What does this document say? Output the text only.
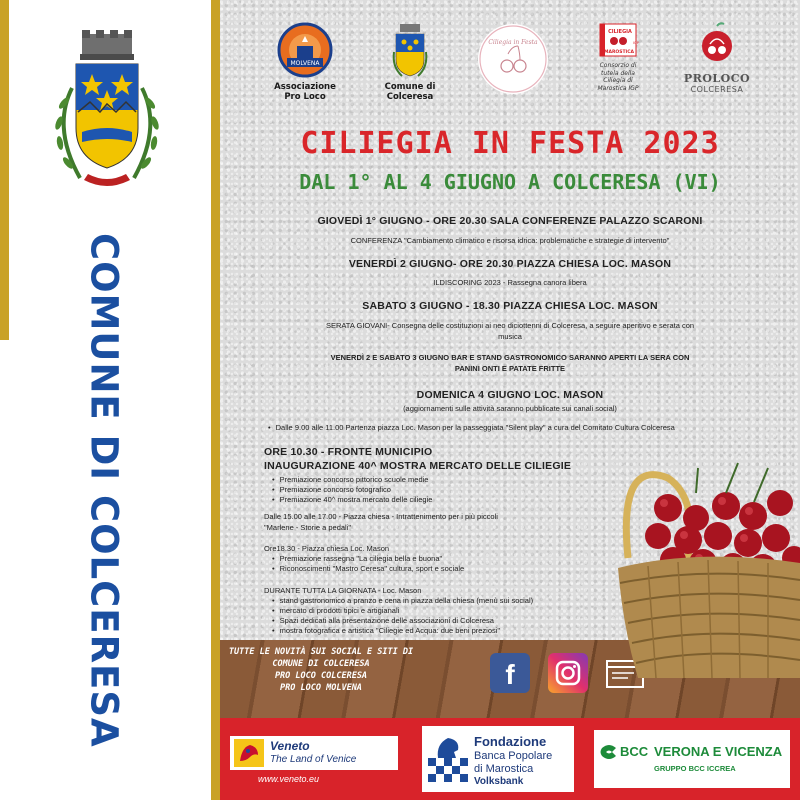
COMUNE DI COLCERESA
MOLVENA
Associazione
Pro Loco
Comune di
Colceresa
Ciliegia in Festa
CILIEGIA
MAROSTICA
IGP
Consorzio di
tutela della
Ciliegia di
Marostica IGP
PROLOCO
COLCERESA
CILIEGIA IN FESTA 2023
DAL 1° AL 4 GIUGNO A COLCERESA (VI)
GIOVEDÌ 1° GIUGNO - ORE 20.30 SALA CONFERENZE PALAZZO SCARONI
CONFERENZA "Cambiamento climatico e risorsa idrica: problematiche e strategie di intervento"
VENERDÌ 2 GIUGNO- ORE 20.30 PIAZZA CHIESA LOC. MASON
ILDISCORING 2023 - Rassegna canora libera
SABATO 3 GIUGNO - 18.30 PIAZZA CHIESA LOC. MASON
SERATA GIOVANI- Consegna delle costituzioni ai neo diciottenni di Colceresa, a seguire aperitivo e serata con
musica
VENERDÌ 2 E SABATO 3 GIUGNO BAR E STAND GASTRONOMICO SARANNO APERTI LA SERA CON
PANINI ONTI E PATATE FRITTE
DOMENICA 4 GIUGNO LOC. MASON
(aggiornamenti sulle attività saranno pubblicate sui canali social)
• Dalle 9.00 alle 11.00 Partenza piazza Loc. Mason per la passeggiata "Silent play" a cura del Comitato Cultura Colceresa
ORE 10.30 - FRONTE MUNICIPIO
INAUGURAZIONE 40^ MOSTRA MERCATO DELLE CILIEGIE
• Premiazione concorso pittorico scuole medie
• Premiazione concorso fotografico
• Premiazione 40^ mostra mercato delle ciliegie
Dalle 15.00 alle 17.00 - Piazza chiesa - Intrattenimento per i più piccoli
"Marlene - Storie a pedali"
Ore18.30 - Piazza chiesa Loc. Mason
• Premiazione rassegna "La ciliegia bella e buona"
• Riconoscimenti "Mastro Ceresa" cultura, sport e sociale
DURANTE TUTTA LA GIORNATA - Loc. Mason
• stand gastronomico a pranzo e cena in piazza della chiesa (menù sui social)
• mercato di prodotti tipici e artigianali
• Spazi dedicati alla presentazione delle associazioni di Colceresa
• mostra fotografica e artistica "Ciliegie ed Acqua: due beni preziosi"
TUTTE LE NOVITÀ SUI SOCIAL E SITI DI
COMUNE DI COLCERESA
PRO LOCO COLCERESA
PRO LOCO MOLVENA	f
Veneto
The Land of Venice
www.veneto.eu
Fondazione
Banca Popolare
di Marostica
Volksbank
BCC VERONA E VICENZA
GRUPPO BCC ICCREA
